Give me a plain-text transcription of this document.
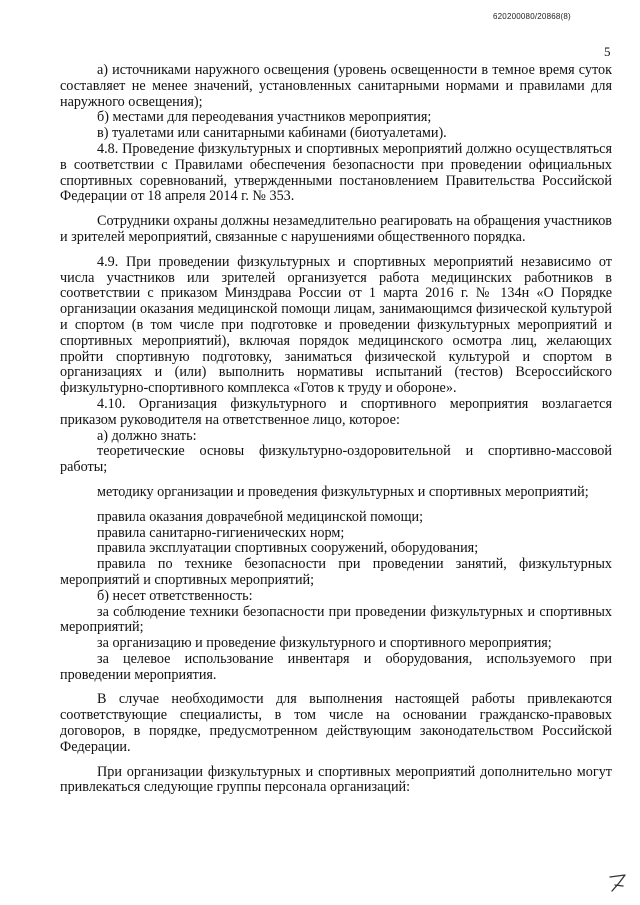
620200080/20868(8)
5

а) источниками наружного освещения (уровень освещенности в темное время суток составляет не менее значений, установленных санитарными нормами и правилами для наружного освещения);

б) местами для переодевания участников мероприятия;

в) туалетами или санитарными кабинами (биотуалетами).

4.8. Проведение физкультурных и спортивных мероприятий должно осуществляться в соответствии с Правилами обеспечения безопасности при проведении официальных спортивных соревнований, утвержденными постановлением Правительства Российской Федерации от 18 апреля 2014 г. № 353.

Сотрудники охраны должны незамедлительно реагировать на обращения участников и зрителей мероприятий, связанные с нарушениями общественного порядка.

4.9. При проведении физкультурных и спортивных мероприятий независимо от числа участников или зрителей организуется работа медицинских работников в соответствии с приказом Минздрава России от 1 марта 2016 г. № 134н «О Порядке организации оказания медицинской помощи лицам, занимающимся физической культурой и спортом (в том числе при подготовке и проведении физкультурных мероприятий и спортивных мероприятий), включая порядок медицинского осмотра лиц, желающих пройти спортивную подготовку, заниматься физической культурой и спортом в организациях и (или) выполнить нормативы испытаний (тестов) Всероссийского физкультурно-спортивного комплекса «Готов к труду и обороне».

4.10. Организация физкультурного и спортивного мероприятия возлагается приказом руководителя на ответственное лицо, которое:

а) должно знать:

теоретические основы физкультурно-оздоровительной и спортивно-массовой работы;

методику организации и проведения физкультурных и спортивных мероприятий;

правила оказания доврачебной медицинской помощи;

правила санитарно-гигиенических норм;

правила эксплуатации спортивных сооружений, оборудования;

правила по технике безопасности при проведении занятий, физкультурных мероприятий и спортивных мероприятий;

б) несет ответственность:

за соблюдение техники безопасности при проведении физкультурных и спортивных мероприятий;

за организацию и проведение физкультурного и спортивного мероприятия;

за целевое использование инвентаря и оборудования, используемого при проведении мероприятия.

В случае необходимости для выполнения настоящей работы привлекаются соответствующие специалисты, в том числе на основании гражданско-правовых договоров, в порядке, предусмотренном действующим законодательством Российской Федерации.

При организации физкультурных и спортивных мероприятий дополнительно могут привлекаться следующие группы персонала организаций:
